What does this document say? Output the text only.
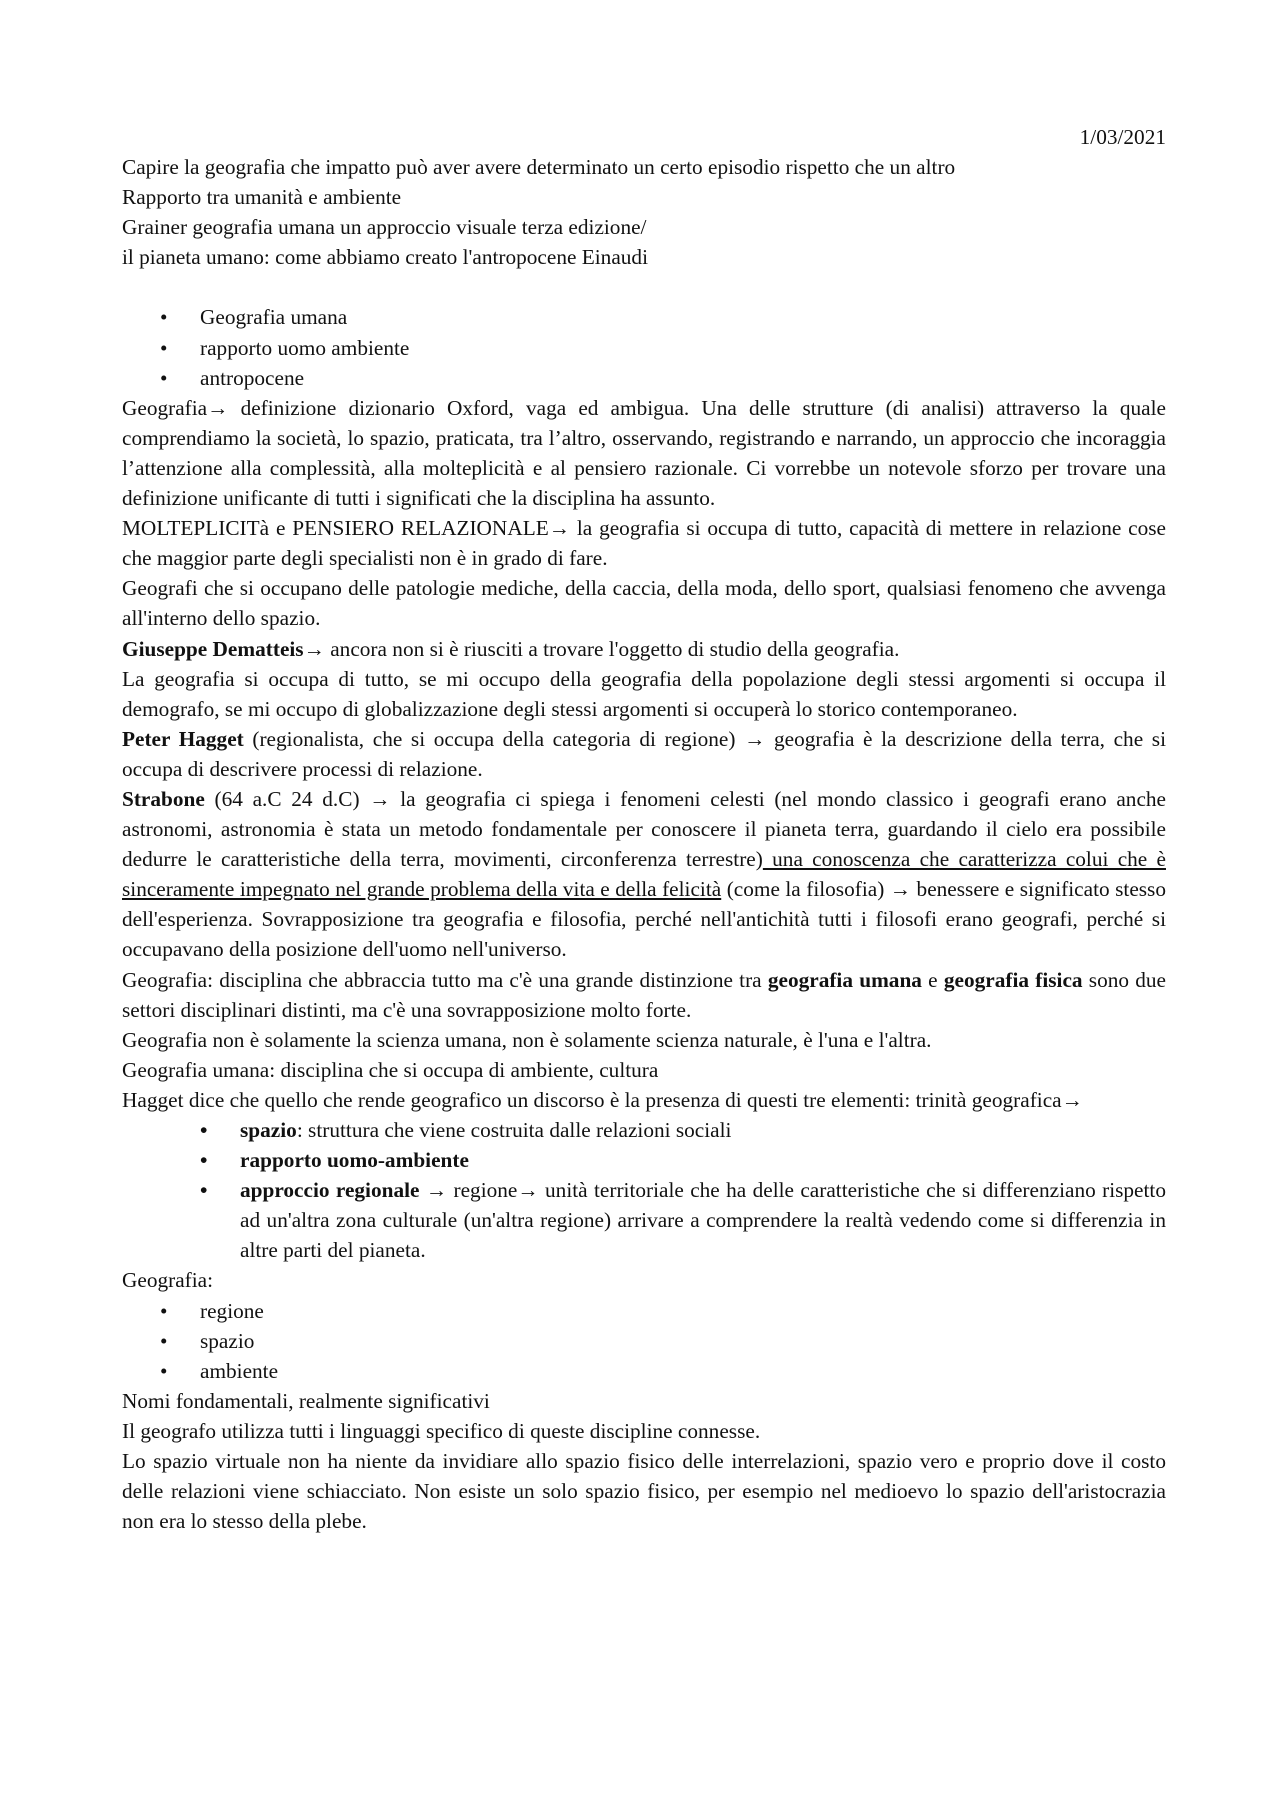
1/03/2021

Capire la geografia che impatto può aver avere determinato un certo episodio rispetto che un altro

Rapporto tra umanità e ambiente

Grainer geografia umana un approccio visuale terza edizione/

il pianeta umano: come abbiamo creato l'antropocene Einaudi

• Geografia umana
• rapporto uomo ambiente
• antropocene

Geografia→ definizione dizionario Oxford, vaga ed ambigua. Una delle strutture (di analisi) attraverso la quale comprendiamo la società, lo spazio, praticata, tra l’altro, osservando, registrando e narrando, un approccio che incoraggia l’attenzione alla complessità, alla molteplicità e al pensiero razionale. Ci vorrebbe un notevole sforzo per trovare una definizione unificante di tutti i significati che la disciplina ha assunto.

MOLTEPLICITà e PENSIERO RELAZIONALE→ la geografia si occupa di tutto, capacità di mettere in relazione cose che maggior parte degli specialisti non è in grado di fare.

Geografi che si occupano delle patologie mediche, della caccia, della moda, dello sport, qualsiasi fenomeno che avvenga all'interno dello spazio.

Giuseppe Dematteis→ ancora non si è riusciti a trovare l'oggetto di studio della geografia.

La geografia si occupa di tutto, se mi occupo della geografia della popolazione degli stessi argomenti si occupa il demografo, se mi occupo di globalizzazione degli stessi argomenti si occuperà lo storico contemporaneo.

Peter Hagget (regionalista, che si occupa della categoria di regione) → geografia è la descrizione della terra, che si occupa di descrivere processi di relazione.

Strabone (64 a.C 24 d.C) → la geografia ci spiega i fenomeni celesti (nel mondo classico i geografi erano anche astronomi, astronomia è stata un metodo fondamentale per conoscere il pianeta terra, guardando il cielo era possibile dedurre le caratteristiche della terra, movimenti, circonferenza terrestre) una conoscenza che caratterizza colui che è sinceramente impegnato nel grande problema della vita e della felicità (come la filosofia) → benessere e significato stesso dell'esperienza. Sovrapposizione tra geografia e filosofia, perché nell'antichità tutti i filosofi erano geografi, perché si occupavano della posizione dell'uomo nell'universo.

Geografia: disciplina che abbraccia tutto ma c'è una grande distinzione tra geografia umana e geografia fisica sono due settori disciplinari distinti, ma c'è una sovrapposizione molto forte.

Geografia non è solamente la scienza umana, non è solamente scienza naturale, è l'una e l'altra.

Geografia umana: disciplina che si occupa di ambiente, cultura

Hagget dice che quello che rende geografico un discorso è la presenza di questi tre elementi: trinità geografica→

• spazio: struttura che viene costruita dalle relazioni sociali
• rapporto uomo-ambiente
• approccio regionale → regione→ unità territoriale che ha delle caratteristiche che si differenziano rispetto ad un'altra zona culturale (un'altra regione) arrivare a comprendere la realtà vedendo come si differenzia in altre parti del pianeta.

Geografia:

• regione
• spazio
• ambiente

Nomi fondamentali, realmente significativi

Il geografo utilizza tutti i linguaggi specifico di queste discipline connesse.

Lo spazio virtuale non ha niente da invidiare allo spazio fisico delle interrelazioni, spazio vero e proprio dove il costo delle relazioni viene schiacciato. Non esiste un solo spazio fisico, per esempio nel medioevo lo spazio dell'aristocrazia non era lo stesso della plebe.
